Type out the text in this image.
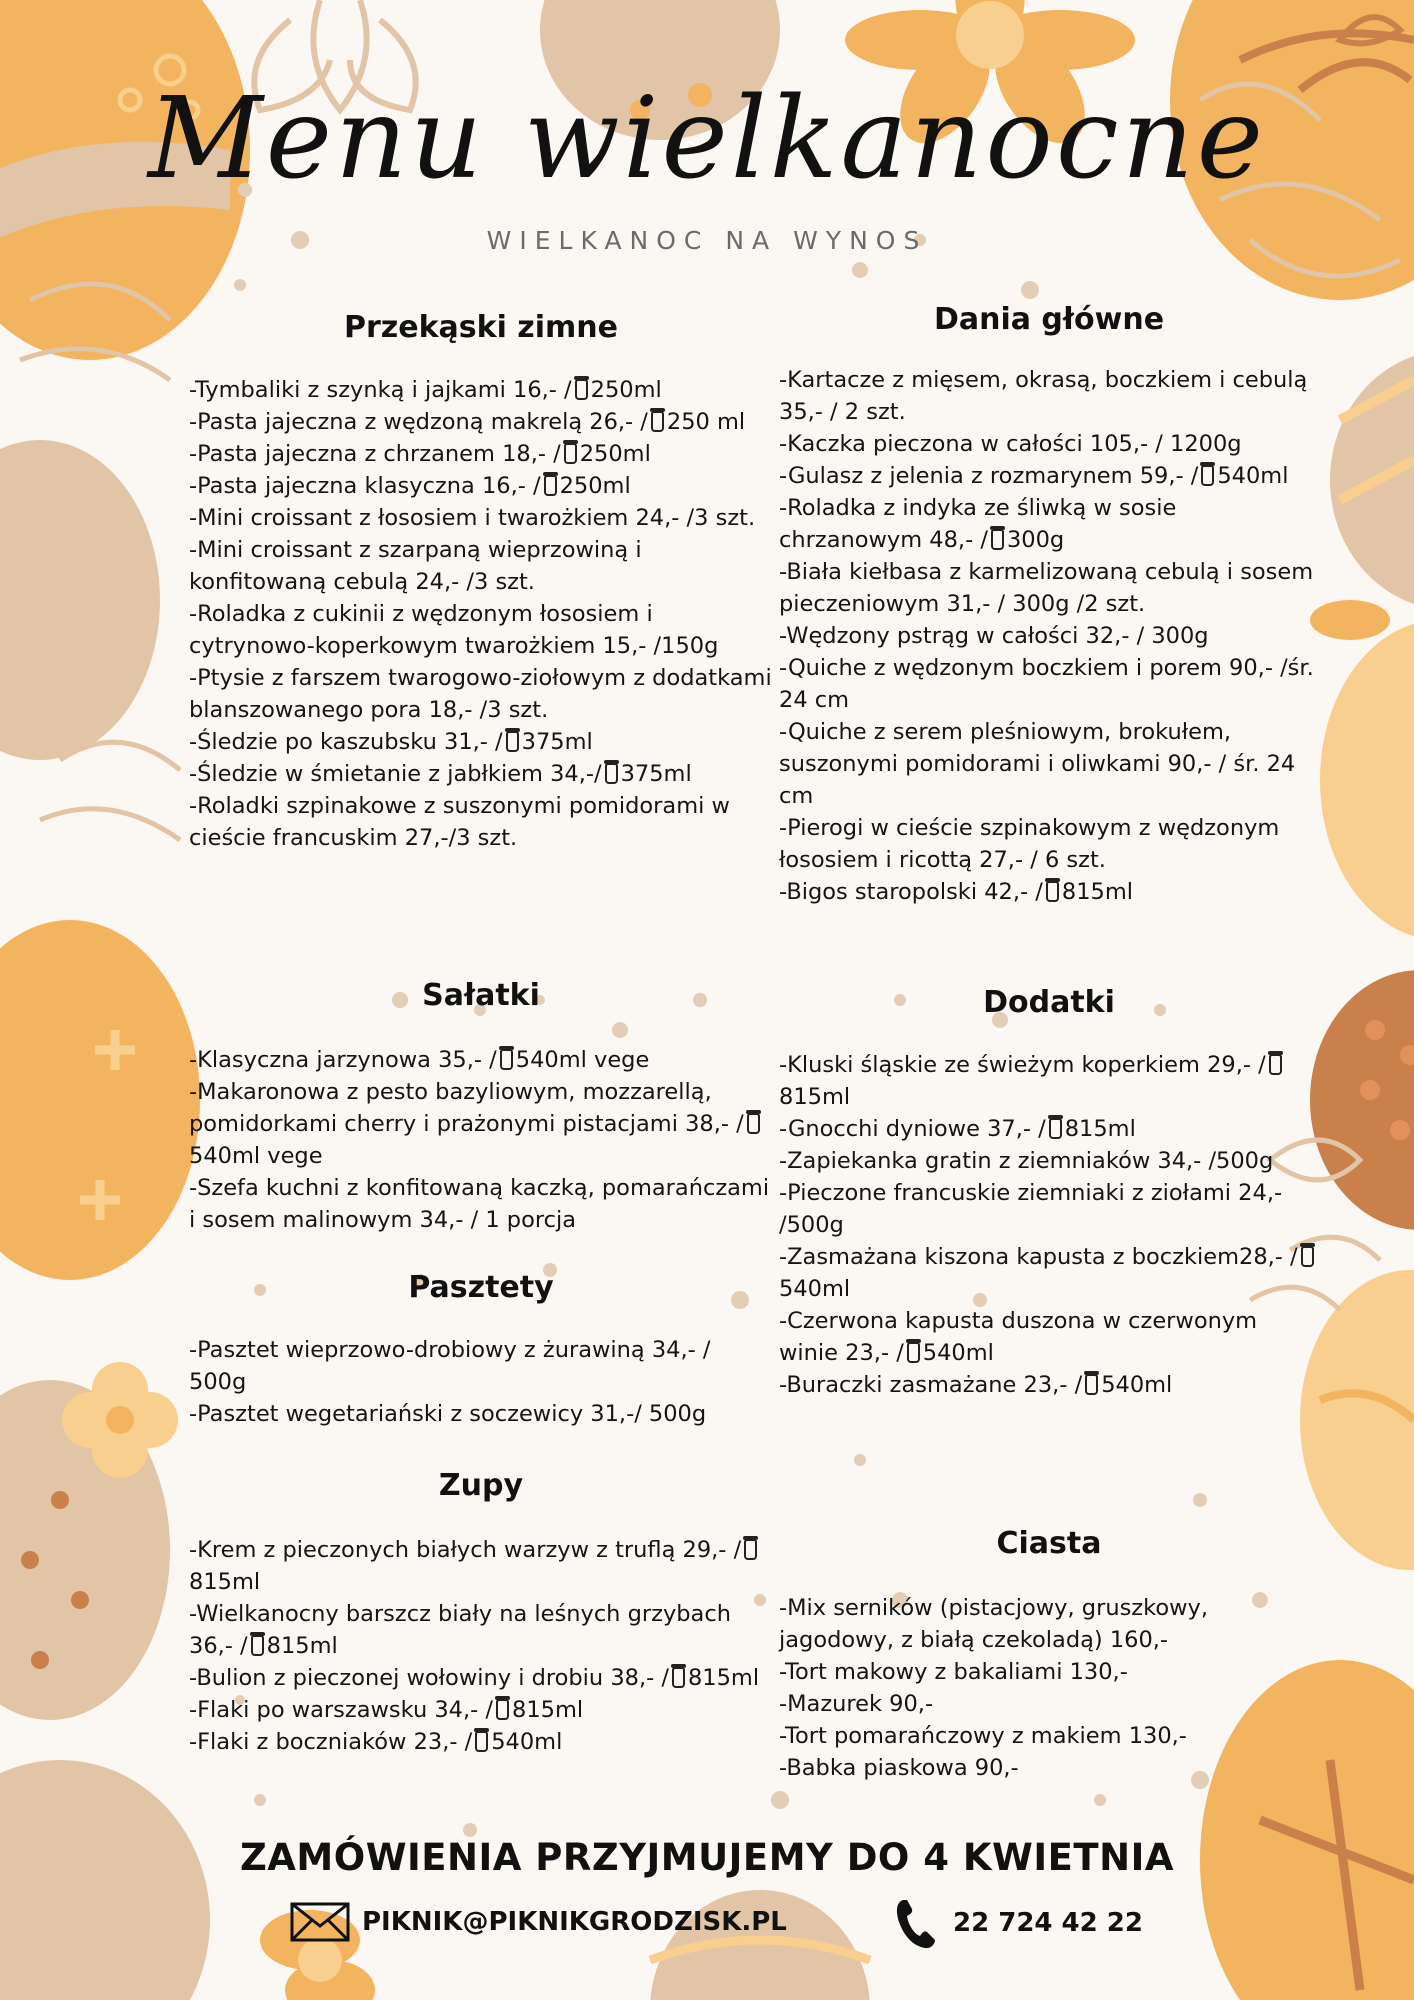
Menu wielkanocne
WIELKANOC NA WYNOS
Przekąski zimne
-Tymbaliki z szynką i jajkami 16,- / 250ml
-Pasta jajeczna z wędzoną makrelą 26,- / 250 ml
-Pasta jajeczna z chrzanem 18,- / 250ml
-Pasta jajeczna klasyczna 16,- / 250ml
-Mini croissant z łososiem i twarożkiem 24,- /3 szt.
-Mini croissant z szarpaną wieprzowiną i konfitowaną cebulą 24,- /3 szt.
-Roladka z cukinii z wędzonym łososiem i cytrynowo-koperkowym twarożkiem 15,- /150g
-Ptysie z farszem twarogowo-ziołowym z dodatkami blanszowanego pora 18,- /3 szt.
-Śledzie po kaszubsku 31,- / 375ml
-Śledzie w śmietanie z jabłkiem 34,-/ 375ml
-Roladki szpinakowe z suszonymi pomidorami w cieście francuskim 27,-/3 szt.
Sałatki
-Klasyczna jarzynowa 35,- / 540ml vege
-Makaronowa z pesto bazyliowym, mozzarellą, pomidorkami cherry i prażonymi pistacjami 38,- /540ml vege
-Szefa kuchni z konfitowaną kaczką, pomarańczami i sosem malinowym 34,- / 1 porcja
Pasztety
-Pasztet wieprzowo-drobiowy z żurawiną 34,- / 500g
-Pasztet wegetariański z soczewicy 31,-/ 500g
Zupy
-Krem z pieczonych białych warzyw z truflą 29,- /815ml
-Wielkanocny barszcz biały na leśnych grzybach 36,- / 815ml
-Bulion z pieczonej wołowiny i drobiu 38,- / 815ml
-Flaki po warszawsku 34,- / 815ml
-Flaki z boczniaków 23,- / 540ml
Dania główne
-Kartacze z mięsem, okrasą, boczkiem i cebulą 35,- / 2 szt.
-Kaczka pieczona w całości 105,- / 1200g
-Gulasz z jelenia z rozmarynem 59,- / 540ml
-Roladka z indyka ze śliwką w sosie chrzanowym 48,- / 300g
-Biała kiełbasa z karmelizowaną cebulą i sosem pieczeniowym 31,- / 300g /2 szt.
-Wędzony pstrąg w całości 32,- / 300g
-Quiche z wędzonym boczkiem i porem 90,- /śr. 24 cm
-Quiche z serem pleśniowym, brokułem, suszonymi pomidorami i oliwkami 90,- / śr. 24 cm
-Pierogi w cieście szpinakowym z wędzonym łososiem i ricottą 27,- / 6 szt.
-Bigos staropolski 42,- / 815ml
Dodatki
-Kluski śląskie ze świeżym koperkiem 29,- /815ml
-Gnocchi dyniowe 37,- / 815ml
-Zapiekanka gratin z ziemniaków 34,- /500g
-Pieczone francuskie ziemniaki z ziołami 24,- /500g
-Zasmażana kiszona kapusta z boczkiem28,- /540ml
-Czerwona kapusta duszona w czerwonym winie 23,- / 540ml
-Buraczki zasmażane 23,- / 540ml
Ciasta
-Mix serników (pistacjowy, gruszkowy, jagodowy, z białą czekoladą) 160,-
-Tort makowy z bakaliami 130,-
-Mazurek 90,-
-Tort pomarańczowy z makiem 130,-
-Babka piaskowa 90,-
ZAMÓWIENIA PRZYJMUJEMY DO 4 KWIETNIA
PIKNIK@PIKNIKGRODZISK.PL	22 724 42 22
